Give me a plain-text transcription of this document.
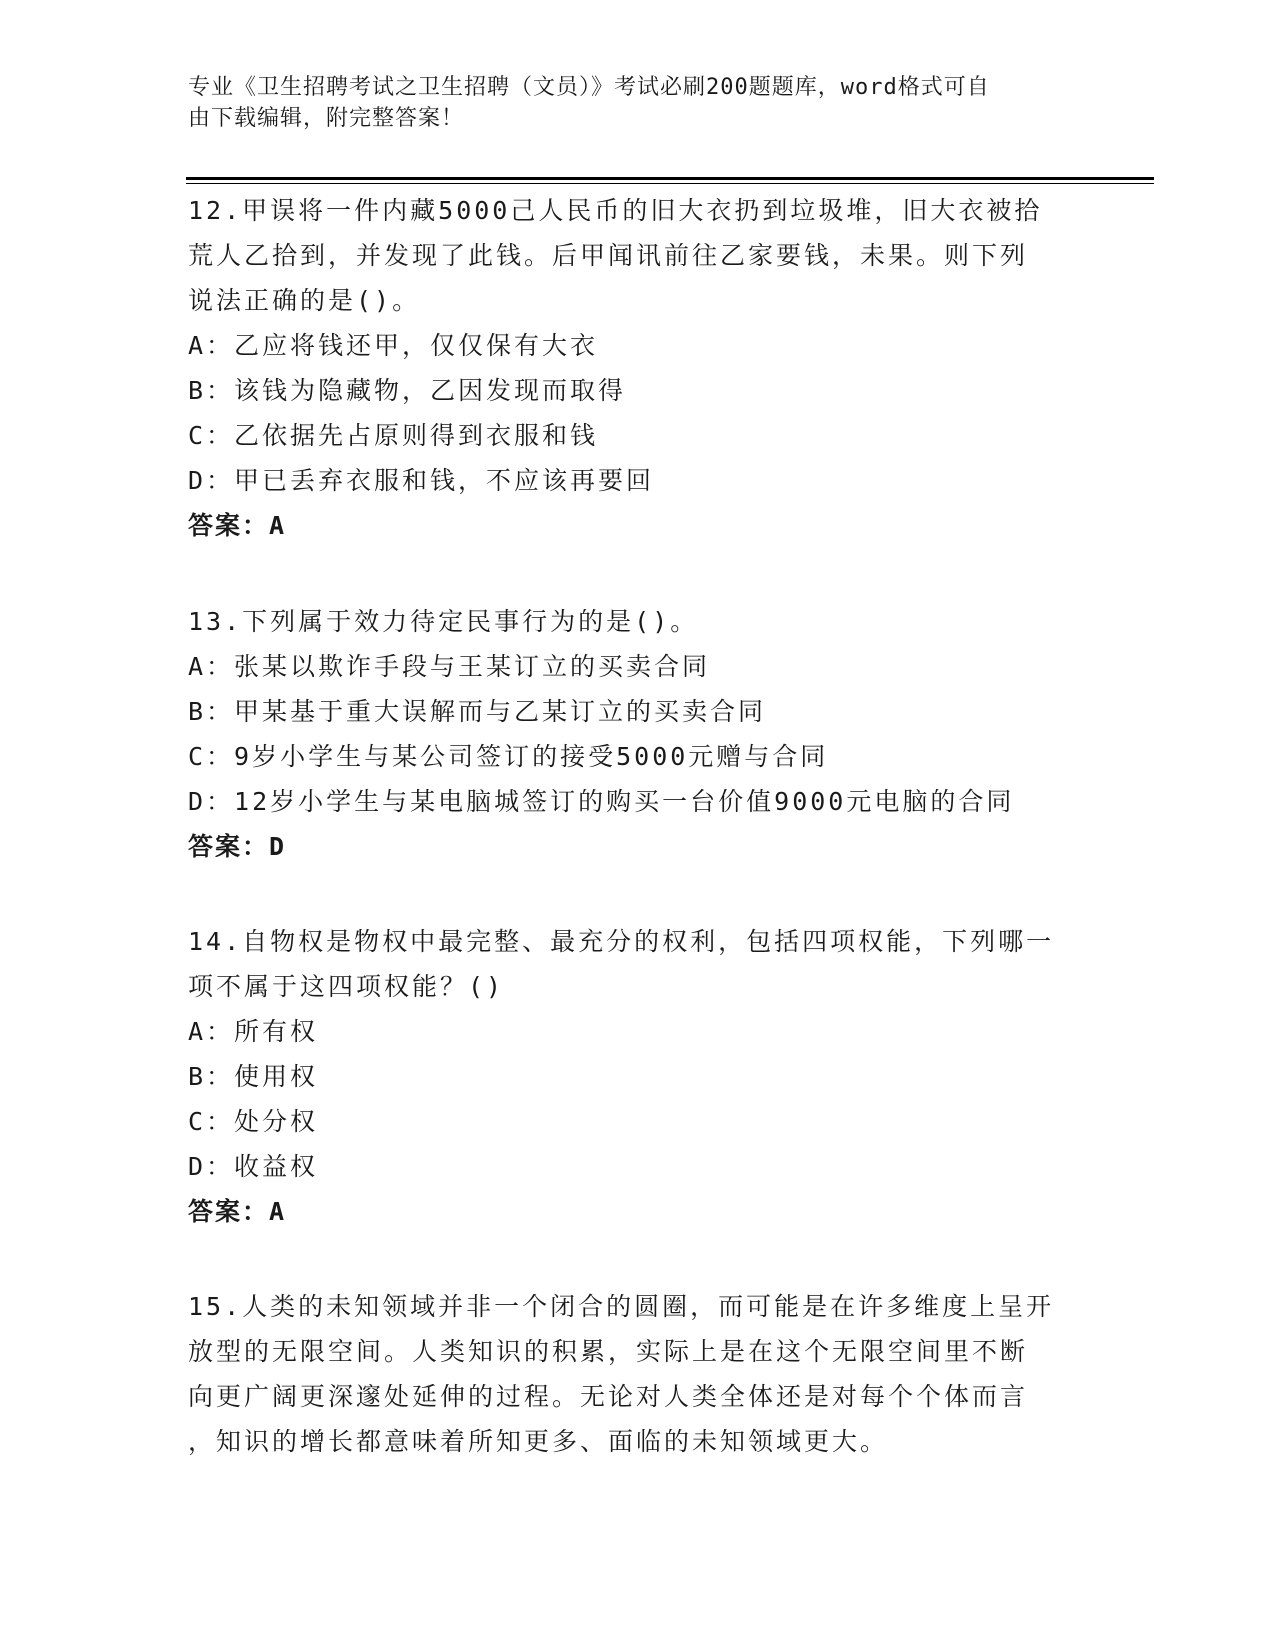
专业《卫生招聘考试之卫生招聘（文员）》考试必刷200题题库，word格式可自
由下载编辑，附完整答案！
12.甲误将一件内藏5000己人民币的旧大衣扔到垃圾堆，旧大衣被拾
荒人乙拾到，并发现了此钱。后甲闻讯前往乙家要钱，未果。则下列
说法正确的是()。
A：乙应将钱还甲，仅仅保有大衣
B：该钱为隐藏物，乙因发现而取得
C：乙依据先占原则得到衣服和钱
D：甲已丢弃衣服和钱，不应该再要回
答案：A
13.下列属于效力待定民事行为的是()。
A：张某以欺诈手段与王某订立的买卖合同
B：甲某基于重大误解而与乙某订立的买卖合同
C：9岁小学生与某公司签订的接受5000元赠与合同
D：12岁小学生与某电脑城签订的购买一台价值9000元电脑的合同
答案：D
14.自物权是物权中最完整、最充分的权利，包括四项权能，下列哪一
项不属于这四项权能？()
A：所有权
B：使用权
C：处分权
D：收益权
答案：A
15.人类的未知领域并非一个闭合的圆圈，而可能是在许多维度上呈开
放型的无限空间。人类知识的积累，实际上是在这个无限空间里不断
向更广阔更深邃处延伸的过程。无论对人类全体还是对每个个体而言
，知识的增长都意味着所知更多、面临的未知领域更大。
